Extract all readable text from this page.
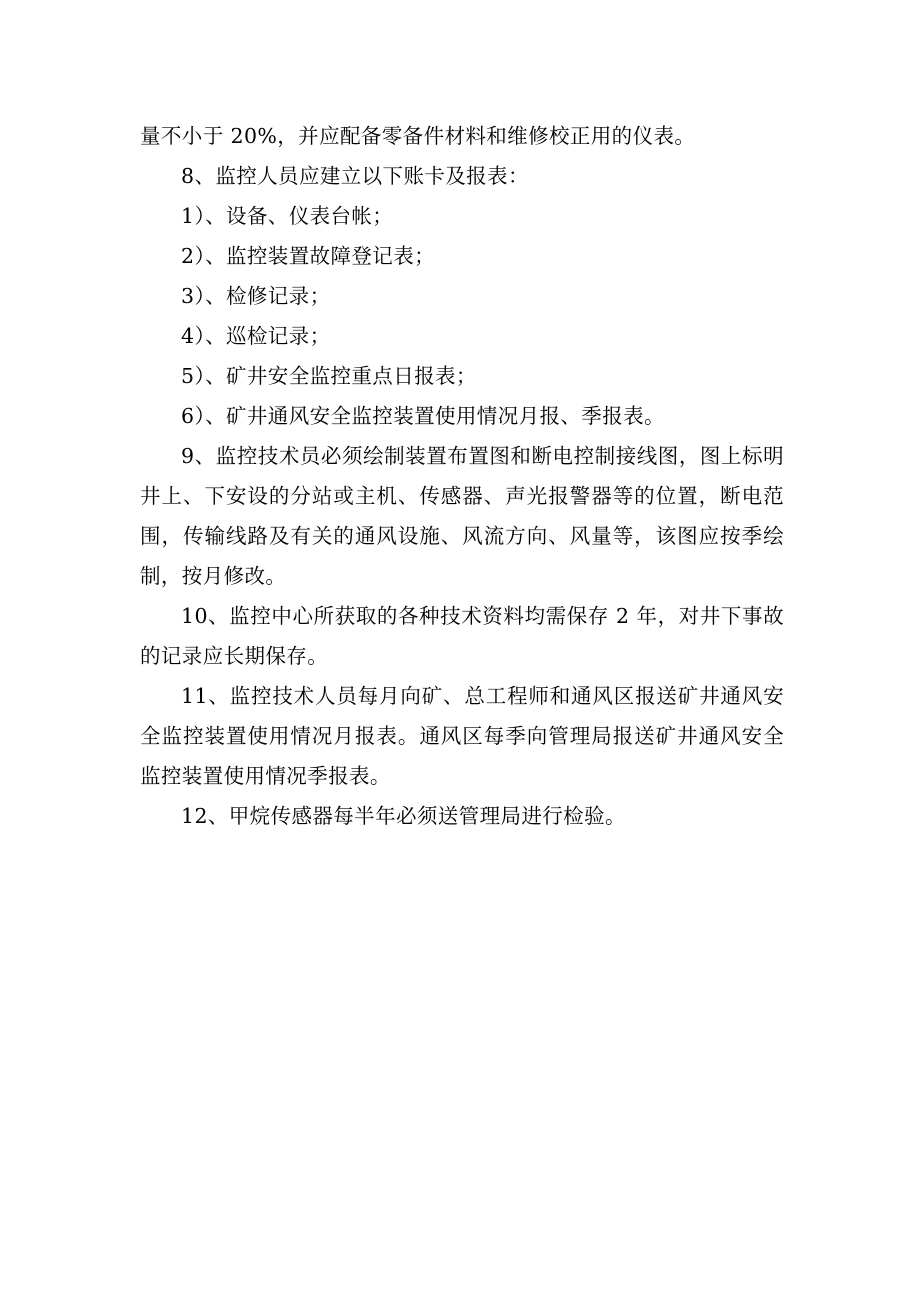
量不小于 20%，并应配备零备件材料和维修校正用的仪表。

8、监控人员应建立以下账卡及报表：

1）、设备、仪表台帐；

2）、监控装置故障登记表；

3）、检修记录；

4）、巡检记录；

5）、矿井安全监控重点日报表；

6）、矿井通风安全监控装置使用情况月报、季报表。

9、监控技术员必须绘制装置布置图和断电控制接线图，图上标明井上、下安设的分站或主机、传感器、声光报警器等的位置，断电范围，传输线路及有关的通风设施、风流方向、风量等，该图应按季绘制，按月修改。

10、监控中心所获取的各种技术资料均需保存 2 年，对井下事故的记录应长期保存。

11、监控技术人员每月向矿、总工程师和通风区报送矿井通风安全监控装置使用情况月报表。通风区每季向管理局报送矿井通风安全监控装置使用情况季报表。

12、甲烷传感器每半年必须送管理局进行检验。
